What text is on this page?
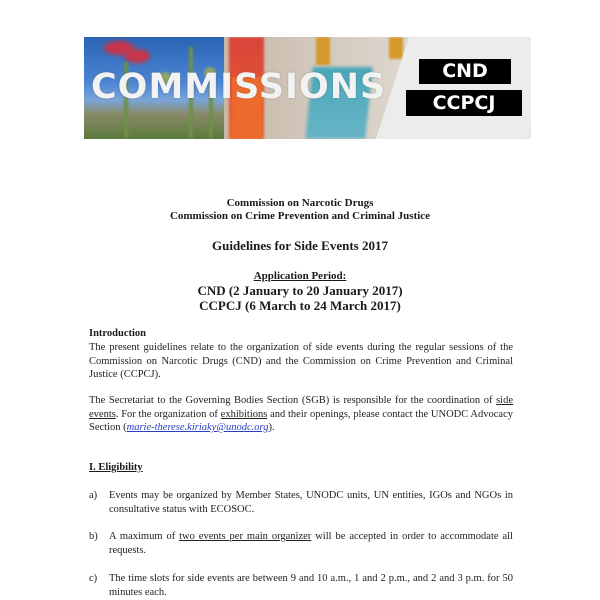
COMMISSIONS	CND
CCPCJ
Commission on Narcotic Drugs
Commission on Crime Prevention and Criminal Justice
Guidelines for Side Events 2017
Application Period:
CND (2 January to 20 January 2017)
CCPCJ (6 March to 24 March 2017)
Introduction
The present guidelines relate to the organization of side events during the regular sessions of the Commission on Narcotic Drugs (CND) and the Commission on Crime Prevention and Criminal Justice (CCPCJ).
The Secretariat to the Governing Bodies Section (SGB) is responsible for the coordination of side events. For the organization of exhibitions and their openings, please contact the UNODC Advocacy Section (marie-therese.kiriaky@unodc.org).
I. Eligibility
a) Events may be organized by Member States, UNODC units, UN entities, IGOs and NGOs in consultative status with ECOSOC.
b) A maximum of two events per main organizer will be accepted in order to accommodate all requests.
c) The time slots for side events are between 9 and 10 a.m., 1 and 2 p.m., and 2 and 3 p.m. for 50 minutes each.
